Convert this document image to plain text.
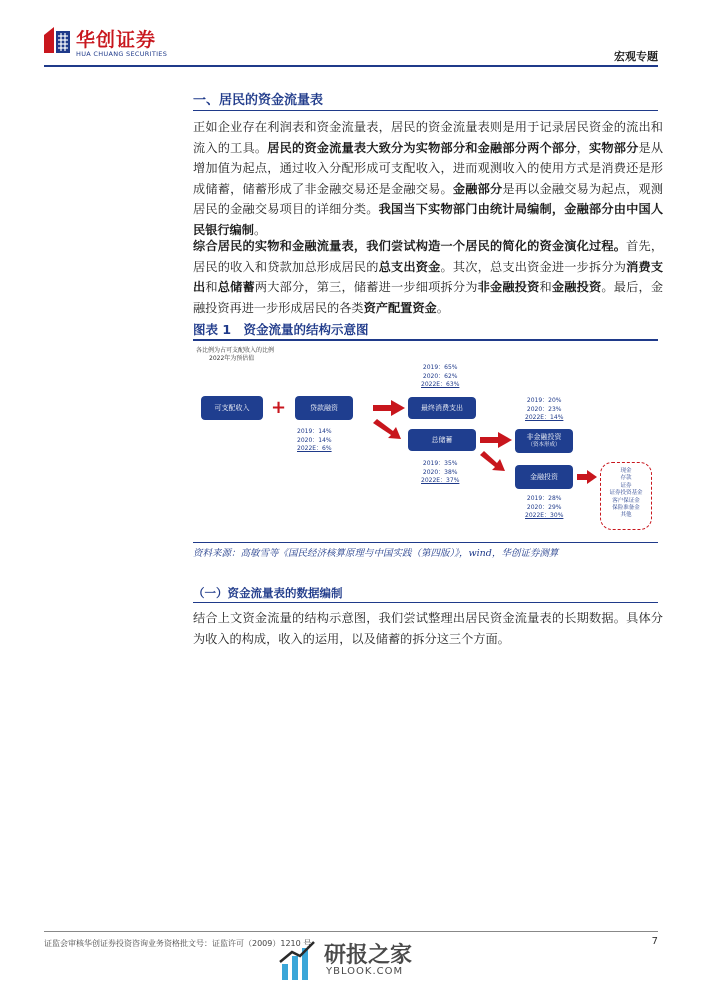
华创证券
HUA CHUANG SECURITIES	宏观专题
一、居民的资金流量表
正如企业存在利润表和资金流量表，居民的资金流量表则是用于记录居民资金的流出和流入的工具。居民的资金流量表大致分为实物部分和金融部分两个部分，实物部分是从增加值为起点，通过收入分配形成可支配收入，进而观测收入的使用方式是消费还是形成储蓄，储蓄形成了非金融交易还是金融交易。金融部分是再以金融交易为起点，观测居民的金融交易项目的详细分类。我国当下实物部门由统计局编制，金融部分由中国人民银行编制。
综合居民的实物和金融流量表，我们尝试构造一个居民的简化的资金演化过程。首先，居民的收入和贷款加总形成居民的总支出资金。其次，总支出资金进一步拆分为消费支出和总储蓄两大部分，第三，储蓄进一步细项拆分为非金融投资和金融投资。最后，金融投资再进一步形成居民的各类资产配置资金。
图表 1　资金流量的结构示意图
各比例为占可支配收入的比例
2022年为预估值
可支配收入	+	贷款融资	最终消费支出
总储蓄	非金融投资
（资本形成）
金融投资
2019：14%
2020：14%
2022E：6%
2019：65%
2020：62%
2022E：63%
2019：35%
2020：38%
2022E：37%
2019：20%
2020：23%
2022E：14%
2019：28%
2020：29%
2022E：30%
现金
存款
证券
证券投资基金
客户保证金
保险准备金
其他
资料来源：高敏雪等《国民经济核算原理与中国实践（第四版）》，wind，华创证券测算
（一）资金流量表的数据编制
结合上文资金流量的结构示意图，我们尝试整理出居民资金流量表的长期数据。具体分为收入的构成，收入的运用，以及储蓄的拆分这三个方面。
证监会审核华创证券投资咨询业务资格批文号：证监许可（2009）1210 号	7
研报之家
YBLOOK.COM
